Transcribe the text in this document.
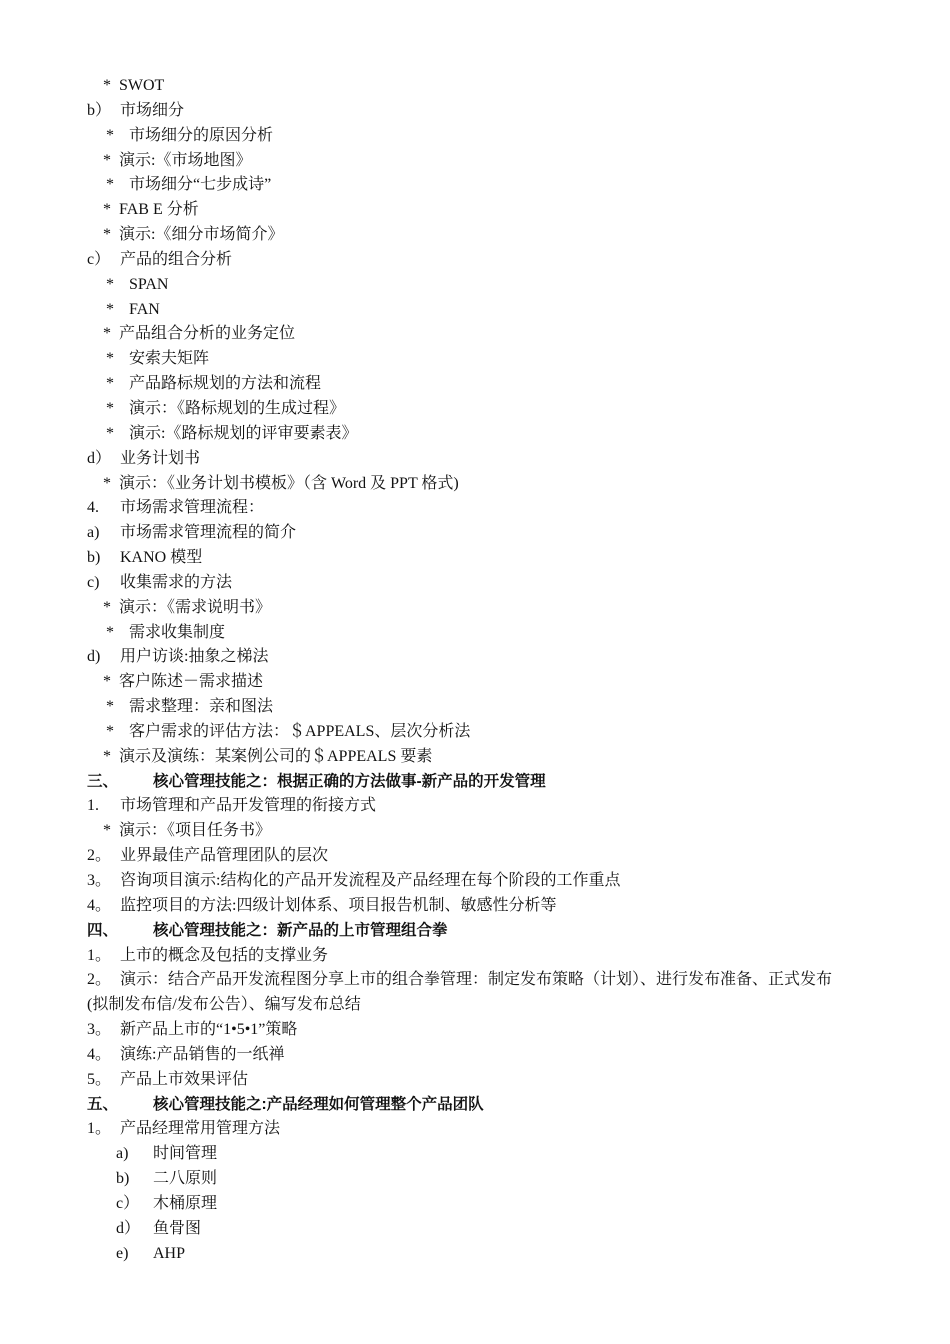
* SWOT
b） 市场细分
* 市场细分的原因分析
* 演示:《市场地图》
* 市场细分“七步成诗”
* FAB E 分析
* 演示:《细分市场简介》
c） 产品的组合分析
* SPAN
* FAN
* 产品组合分析的业务定位
* 安索夫矩阵
* 产品路标规划的方法和流程
* 演示：《路标规划的生成过程》
* 演示:《路标规划的评审要素表》
d） 业务计划书
* 演示：《业务计划书模板》（含 Word 及 PPT 格式)
4. 市场需求管理流程：
a) 市场需求管理流程的简介
b) KANO 模型
c) 收集需求的方法
* 演示：《需求说明书》
* 需求收集制度
d) 用户访谈:抽象之梯法
* 客户陈述－需求描述
* 需求整理：亲和图法
* 客户需求的评估方法：＄APPEALS、层次分析法
* 演示及演练：某案例公司的＄APPEALS 要素
三、 核心管理技能之：根据正确的方法做事-新产品的开发管理
1. 市场管理和产品开发管理的衔接方式
* 演示：《项目任务书》
2。 业界最佳产品管理团队的层次
3。 咨询项目演示:结构化的产品开发流程及产品经理在每个阶段的工作重点
4。 监控项目的方法:四级计划体系、项目报告机制、敏感性分析等
四、 核心管理技能之：新产品的上市管理组合拳
1。 上市的概念及包括的支撑业务
2。 演示：结合产品开发流程图分享上市的组合拳管理：制定发布策略（计划）、进行发布准备、正式发布
(拟制发布信/发布公告）、编写发布总结
3。 新产品上市的“1•5•1”策略
4。 演练:产品销售的一纸禅
5。 产品上市效果评估
五、 核心管理技能之:产品经理如何管理整个产品团队
1。 产品经理常用管理方法
a) 时间管理
b) 二八原则
c） 木桶原理
d） 鱼骨图
e) AHP
